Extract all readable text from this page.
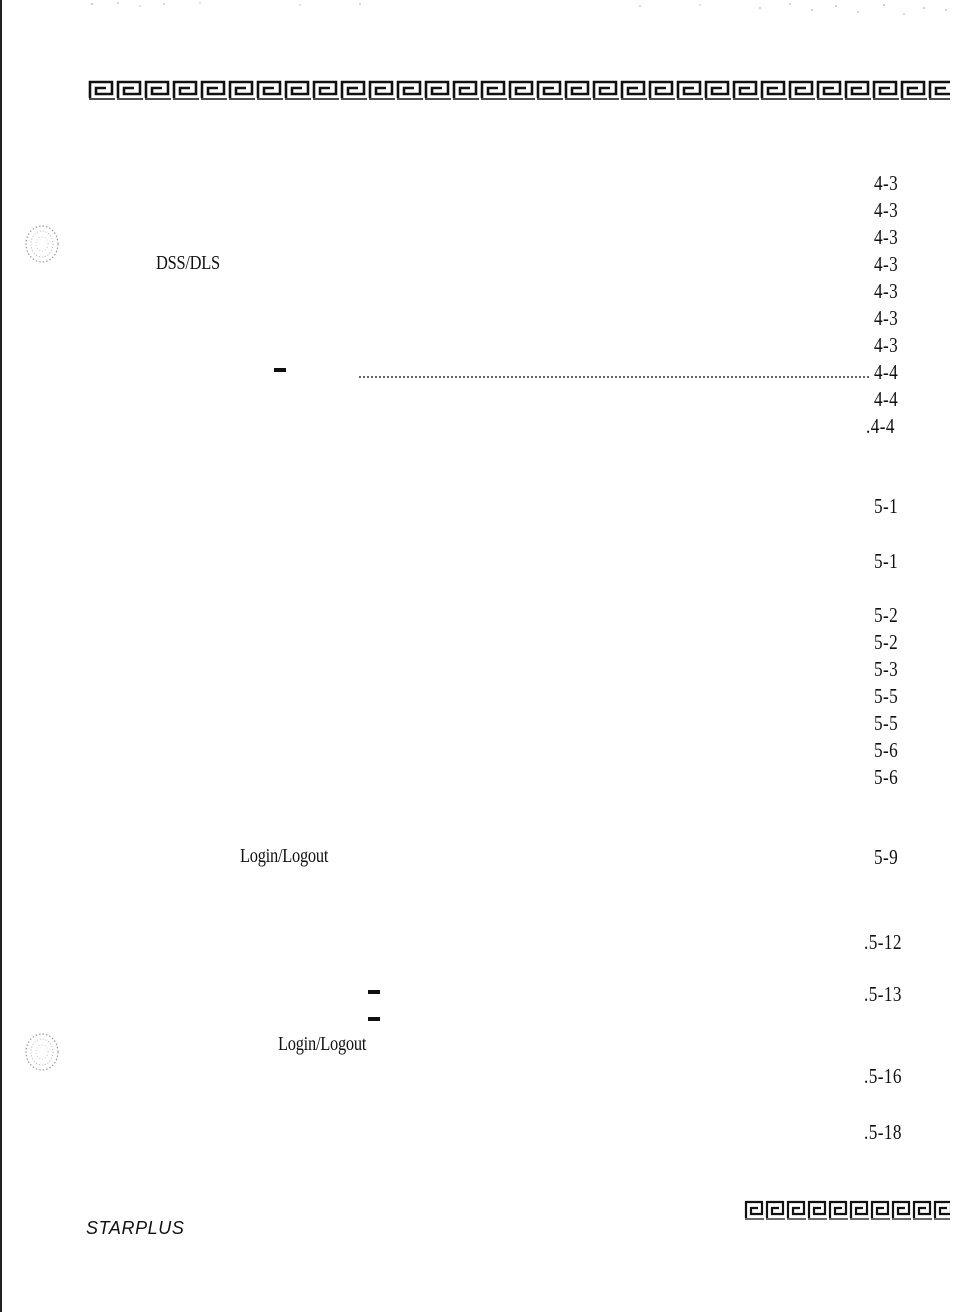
4-3
4-3
4-3
DSS/DLS	4-3
4-3
4-3
4-3
4-4
4-4
.4-4
5-1
5-1
5-2
5-2
5-3
5-5
5-5
5-6
5-6
Login/Logout	5-9
.5-12
.5-13
Login/Logout
.5-16
.5-18
STARPLUS
